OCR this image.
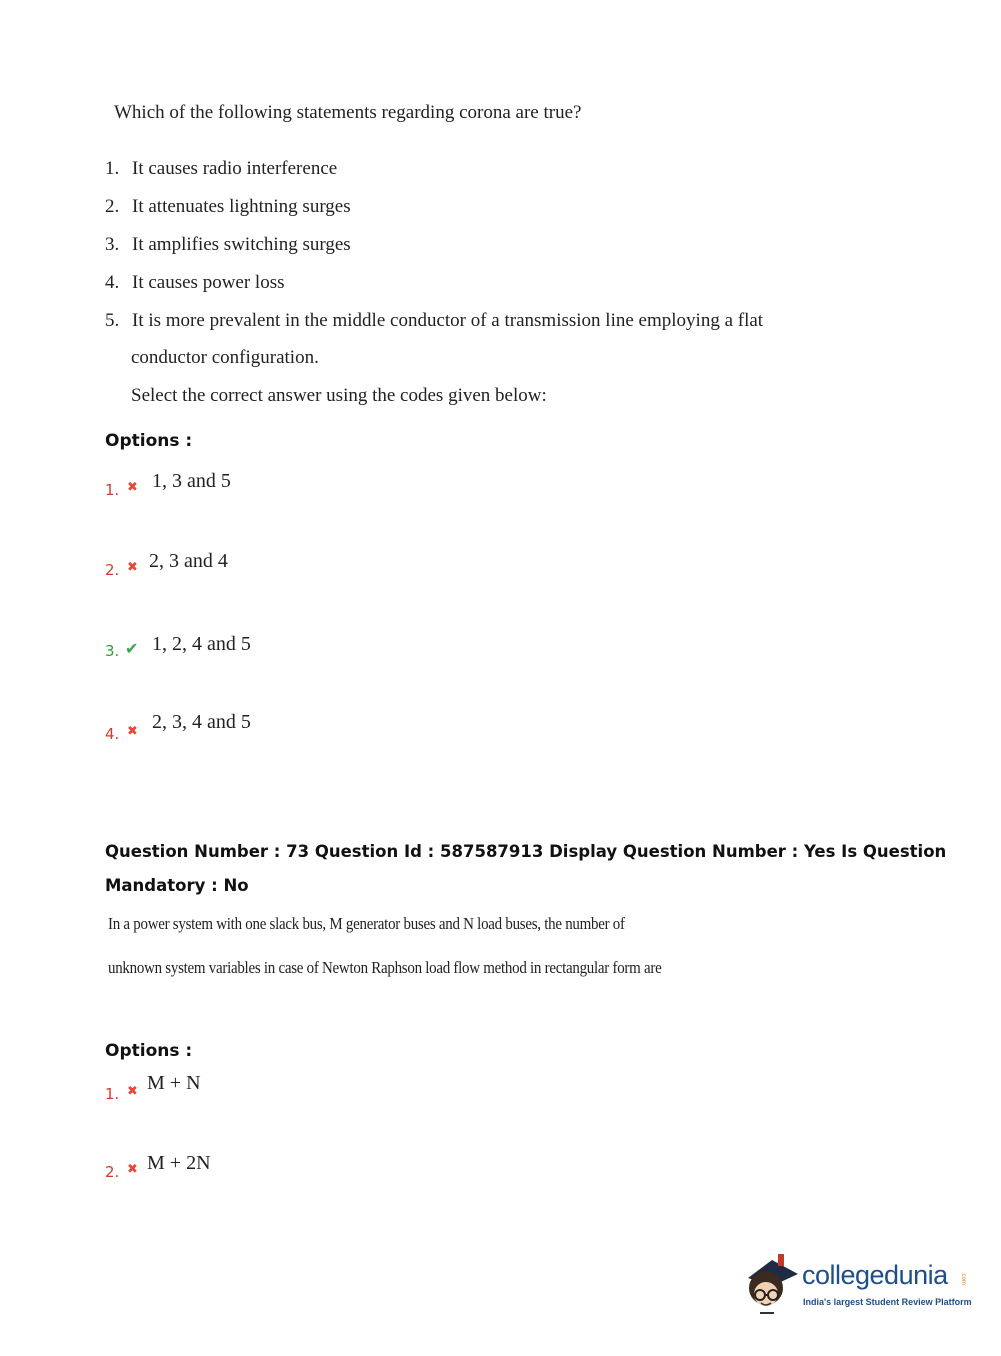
Which of the following statements regarding corona are true?
1. It causes radio interference
2. It attenuates lightning surges
3. It amplifies switching surges
4. It causes power loss
5. It is more prevalent in the middle conductor of a transmission line employing a flat
conductor configuration.
Select the correct answer using the codes given below:
Options :
1. ✖ 1, 3 and 5
2. ✖ 2, 3 and 4
3. ✔ 1, 2, 4 and 5
4. ✖ 2, 3, 4 and 5
Question Number : 73 Question Id : 587587913 Display Question Number : Yes Is Question
Mandatory : No
In a power system with one slack bus, M generator buses and N load buses, the number of
unknown system variables in case of Newton Raphson load flow method in rectangular form are
Options :
1. ✖ M + N
2. ✖ M + 2N
collegedunia .com
India's largest Student Review Platform
